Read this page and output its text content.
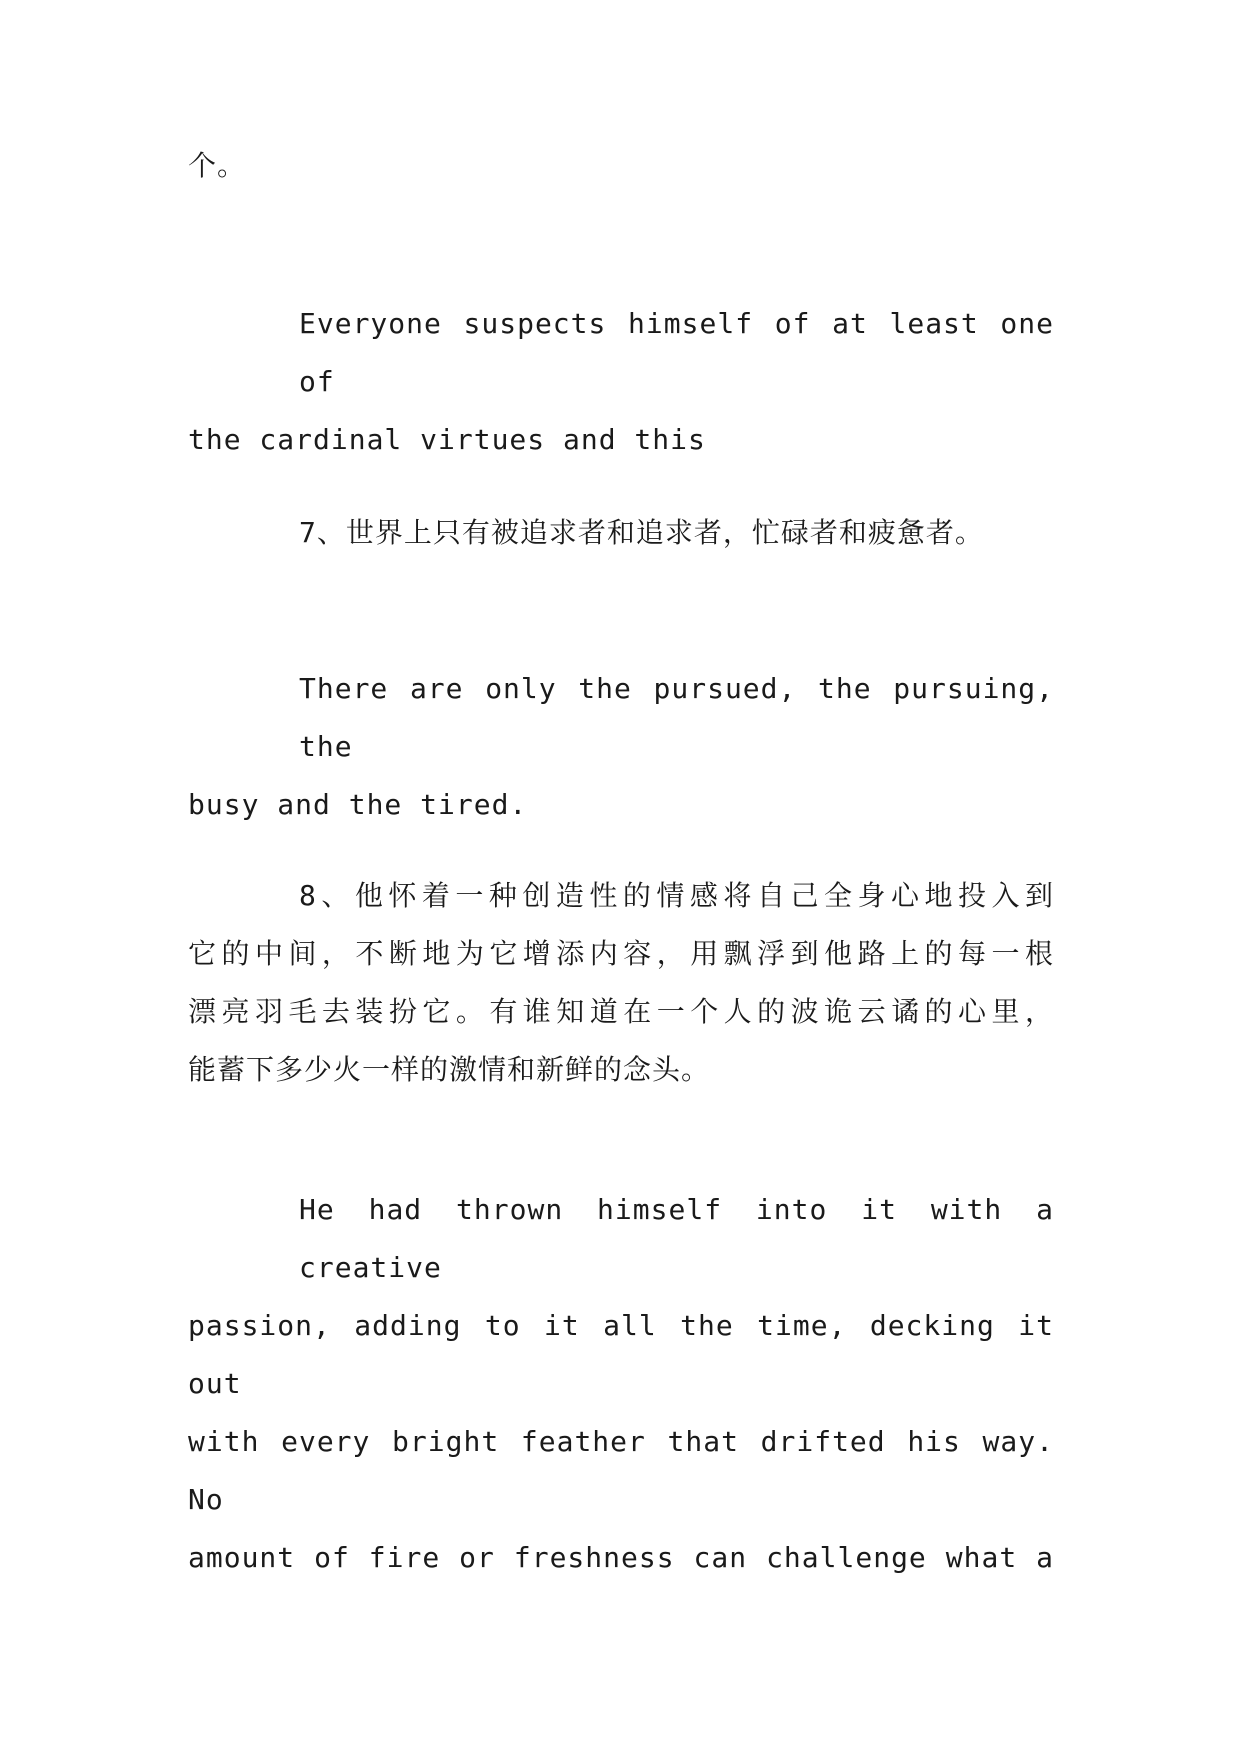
个。

Everyone suspects himself of at least one of
the cardinal virtues and this

7、世界上只有被追求者和追求者，忙碌者和疲惫者。

There are only the pursued, the pursuing, the
busy and the tired.

8、他怀着一种创造性的情感将自己全身心地投入到
它的中间，不断地为它增添内容，用飘浮到他路上的每一根
漂亮羽毛去装扮它。有谁知道在一个人的波诡云谲的心里，
能蓄下多少火一样的激情和新鲜的念头。

He had thrown himself into it with a creative
passion, adding to it all the time, decking it out
with every bright feather that drifted his way. No
amount of fire or freshness can challenge what a
